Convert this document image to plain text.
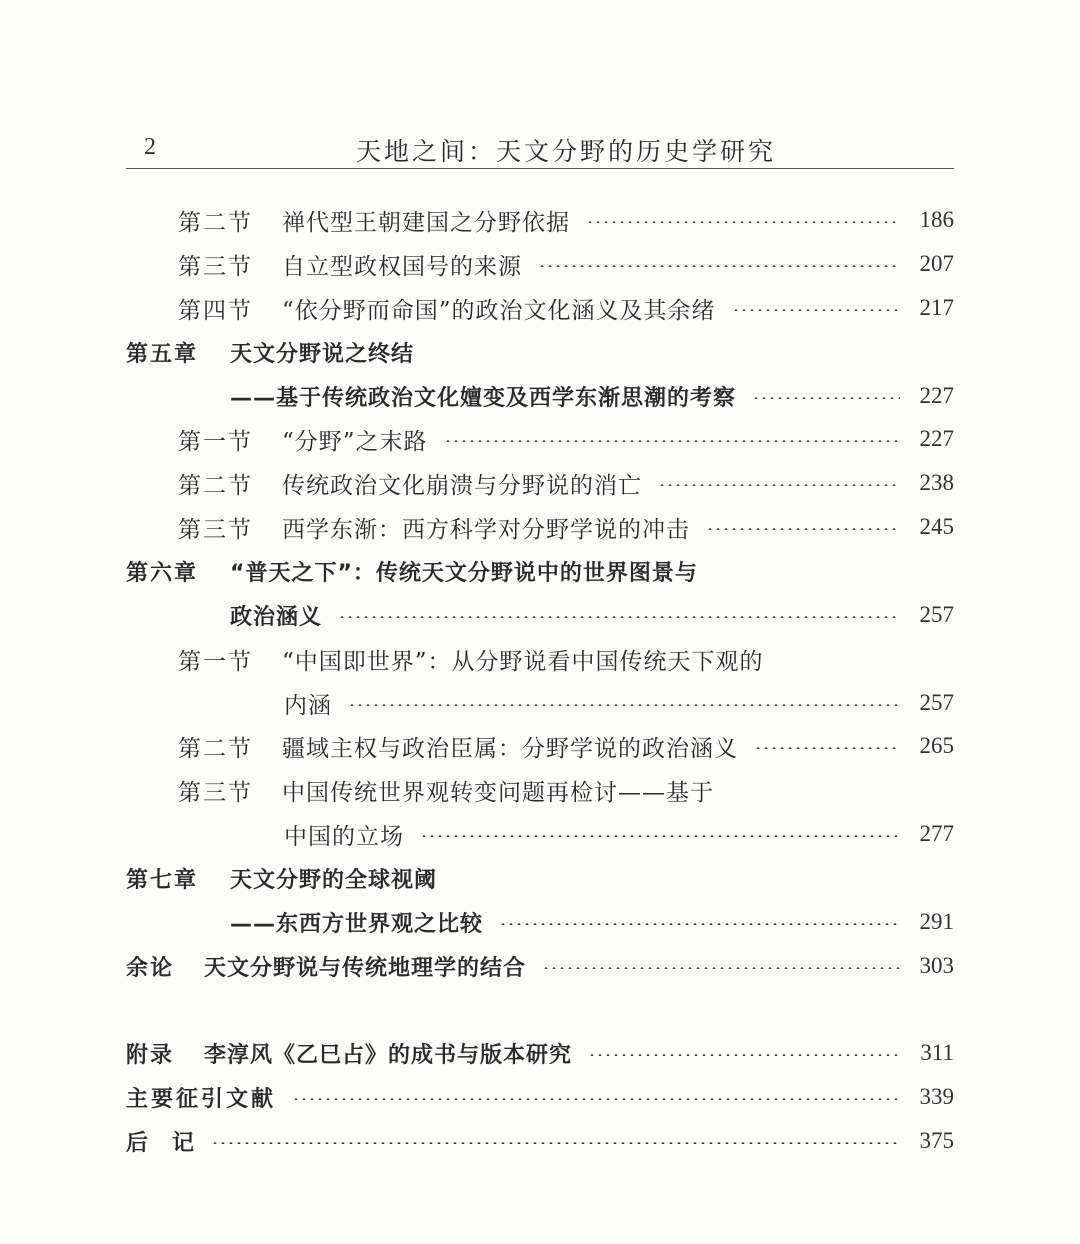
2	天地之间：天文分野的历史学研究
第二节	禅代型王朝建国之分野依据	186
第三节	自立型政权国号的来源	207
第四节	“依分野而命国”的政治文化涵义及其余绪	217
第五章	天文分野说之终结
——基于传统政治文化嬗变及西学东渐思潮的考察	227
第一节	“分野”之末路	227
第二节	传统政治文化崩溃与分野说的消亡	238
第三节	西学东渐：西方科学对分野学说的冲击	245
第六章	“普天之下”：传统天文分野说中的世界图景与
政治涵义	257
第一节	“中国即世界”：从分野说看中国传统天下观的
内涵	257
第二节	疆域主权与政治臣属：分野学说的政治涵义	265
第三节	中国传统世界观转变问题再检讨——基于
中国的立场	277
第七章	天文分野的全球视阈
——东西方世界观之比较	291
余论	天文分野说与传统地理学的结合	303
附录	李淳风《乙巳占》的成书与版本研究	311
主要征引文献	339
后　记	375
